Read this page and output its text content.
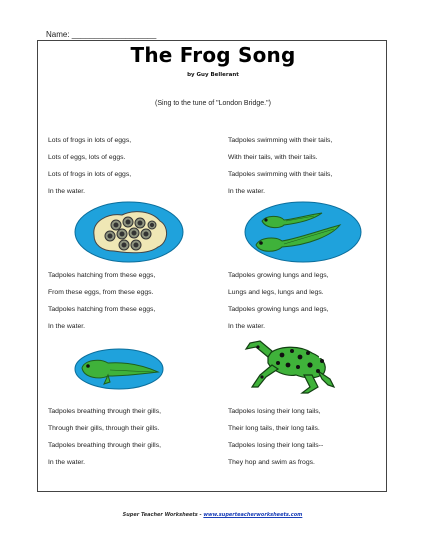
Name: ___________________
The Frog Song
by Guy Bellerant
(Sing to the tune of "London Bridge.")
Lots of frogs in lots of eggs,
Lots of eggs, lots of eggs.
Lots of frogs in lots of eggs,
In the water.
Tadpoles swimming with their tails,
With their tails, with their tails.
Tadpoles swimming with their tails,
In the water.
Tadpoles hatching from these eggs,
From these eggs, from these eggs.
Tadpoles hatching from these eggs,
In the water.
Tadpoles growing lungs and legs,
Lungs and legs, lungs and legs.
Tadpoles growing lungs and legs,
In the water.
Tadpoles breathing through their gills,
Through their gills, through their gills.
Tadpoles breathing through their gills,
In the water.
Tadpoles losing their long tails,
Their long tails, their long tails.
Tadpoles losing their long tails--
They hop and swim as frogs.
Super Teacher Worksheets - www.superteacherworksheets.com
